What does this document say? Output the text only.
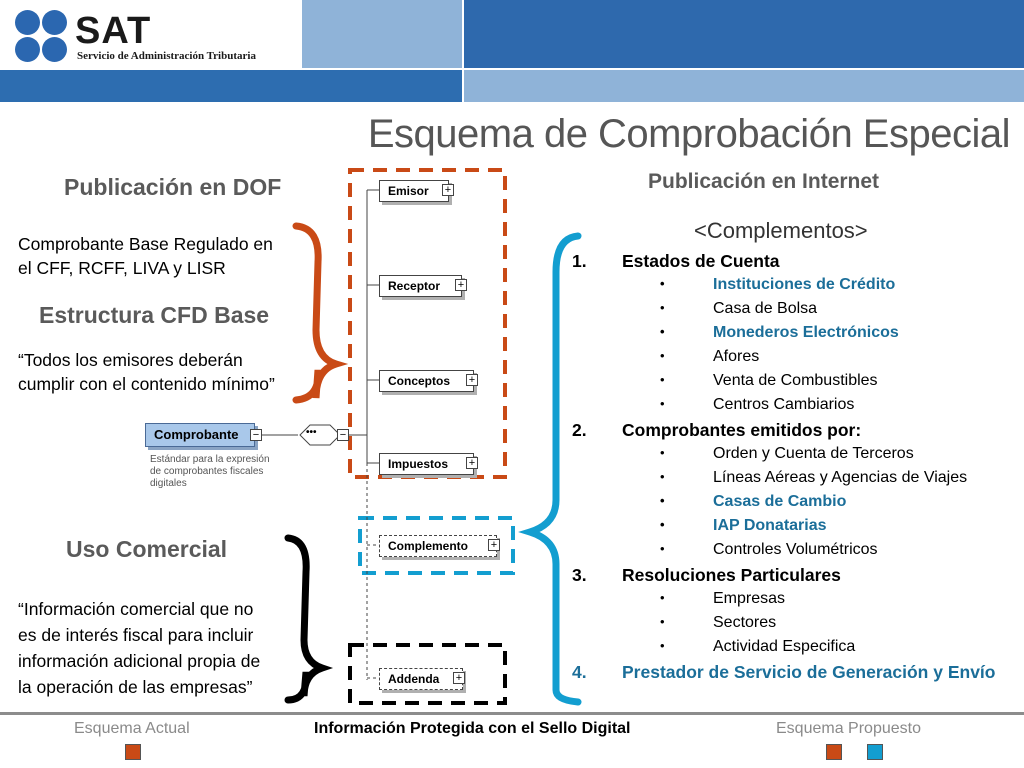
SAT
Servicio de Administración Tributaria
Esquema de Comprobación Especial
Publicación en DOF
Comprobante Base Regulado en
el CFF, RCFF, LIVA y LISR
Estructura CFD Base
“Todos los emisores deberán
cumplir con el contenido mínimo”
Uso Comercial
“Información comercial que no
es de interés fiscal para incluir
información adicional propia de
la operación de las empresas”
••• −
Comprobante	−
Estándar para la expresión
de comprobantes fiscales
digitales
Emisor	+
Receptor	+
Conceptos	+
Impuestos	+
Complemento	+
Addenda	+
Publicación en Internet
<Complementos>
1. Estados de Cuenta
•	Instituciones de Crédito
•	Casa de Bolsa
•	Monederos Electrónicos
•	Afores
•	Venta de Combustibles
•	Centros Cambiarios
2. Comprobantes emitidos por:
•	Orden y Cuenta de Terceros
•	Líneas Aéreas y Agencias de Viajes
•	Casas de Cambio
•	IAP Donatarias
•	Controles Volumétricos
3. Resoluciones Particulares
•	Empresas
•	Sectores
•	Actividad Especifica
4. Prestador de Servicio de Generación y Envío
Esquema Actual	Información Protegida con el Sello Digital	Esquema Propuesto
